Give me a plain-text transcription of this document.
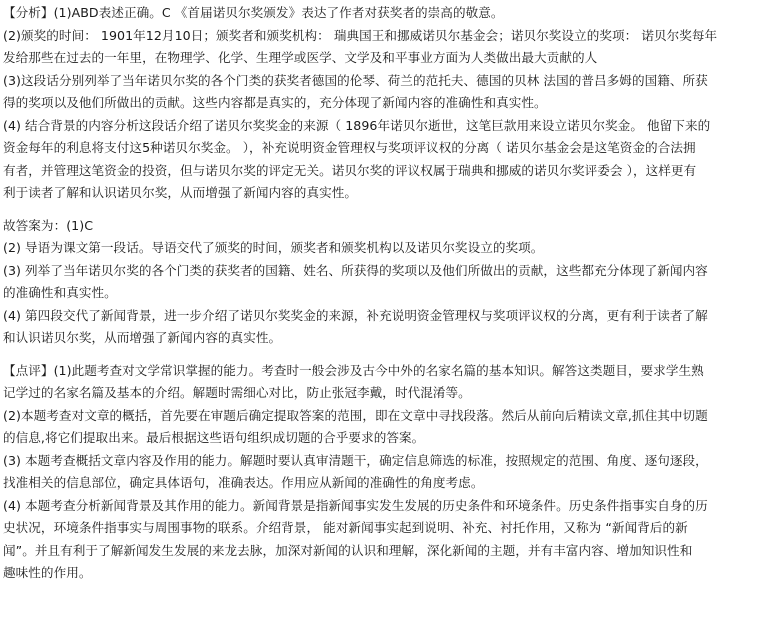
【分析】(1)ABD表述正确。C 《首届诺贝尔奖颁发》表达了作者对获奖者的崇高的敬意。
(2)颁奖的时间： 1901年12月10日；颁奖者和颁奖机构： 瑞典国王和挪威诺贝尔基金会；诺贝尔奖设立的奖项： 诺贝尔奖每年
发给那些在过去的一年里，在物理学、化学、生理学或医学、文学及和平事业方面为人类做出最大贡献的人
(3)这段话分别列举了当年诺贝尔奖的各个门类的获奖者德国的伦琴、荷兰的范托夫、德国的贝林 法国的普吕多姆的国籍、所获
得的奖项以及他们所做出的贡献。这些内容都是真实的，充分体现了新闻内容的准确性和真实性。
(4) 结合背景的内容分析这段话介绍了诺贝尔奖奖金的来源（ 1896年诺贝尔逝世，这笔巨款用来设立诺贝尔奖金。 他留下来的
资金每年的利息将支付这5种诺贝尔奖金。 ），补充说明资金管理权与奖项评议权的分离（ 诺贝尔基金会是这笔资金的合法拥
有者，并管理这笔资金的投资，但与诺贝尔奖的评定无关。诺贝尔奖的评议权属于瑞典和挪威的诺贝尔奖评委会 ），这样更有
利于读者了解和认识诺贝尔奖，从而增强了新闻内容的真实性。
故答案为：(1)C
(2) 导语为课文第一段话。导语交代了颁奖的时间，颁奖者和颁奖机构以及诺贝尔奖设立的奖项。
(3) 列举了当年诺贝尔奖的各个门类的获奖者的国籍、姓名、所获得的奖项以及他们所做出的贡献，这些都充分体现了新闻内容
的准确性和真实性。
(4) 第四段交代了新闻背景，进一步介绍了诺贝尔奖奖金的来源，补充说明资金管理权与奖项评议权的分离，更有利于读者了解
和认识诺贝尔奖，从而增强了新闻内容的真实性。
【点评】(1)此题考查对文学常识掌握的能力。考查时一般会涉及古今中外的名家名篇的基本知识。解答这类题目，要求学生熟
记学过的名家名篇及基本的介绍。解题时需细心对比，防止张冠李戴，时代混淆等。
(2)本题考查对文章的概括，首先要在审题后确定提取答案的范围，即在文章中寻找段落。然后从前向后精读文章,抓住其中切题
的信息,将它们提取出来。最后根据这些语句组织成切题的合乎要求的答案。
(3) 本题考查概括文章内容及作用的能力。解题时要认真审清题干，确定信息筛选的标准，按照规定的范围、角度、逐句逐段，
找准相关的信息部位，确定具体语句，准确表达。作用应从新闻的准确性的角度考虑。
(4) 本题考查分析新闻背景及其作用的能力。新闻背景是指新闻事实发生发展的历史条件和环境条件。历史条件指事实自身的历
史状况，环境条件指事实与周围事物的联系。介绍背景， 能对新闻事实起到说明、补充、衬托作用，又称为 “新闻背后的新
闻”。并且有利于了解新闻发生发展的来龙去脉，加深对新闻的认识和理解，深化新闻的主题，并有丰富内容、增加知识性和
趣味性的作用。
